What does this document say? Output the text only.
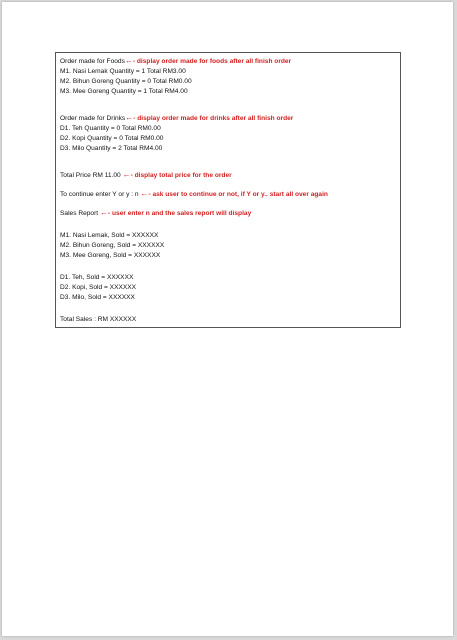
Order made for Foods←- display order made for foods after all finish order
M1. Nasi Lemak Quantity = 1 Total RM3.00
M2. Bihun Goreng Quantity = 0 Total RM0.00
M3. Mee Goreng Quantity = 1 Total RM4.00
Order made for Drinks←- display order made for drinks after all finish order
D1. Teh Quantity = 0 Total RM0.00
D2. Kopi Quantity = 0 Total RM0.00
D3. Milo Quantity = 2 Total RM4.00
Total Price RM 11.00 ←- display total price for the order
To continue enter Y or y : n ←- ask user to continue or not, if Y or y.. start all over again
Sales Report ←- user enter n and the sales report will display
M1. Nasi Lemak, Sold = XXXXXX
M2. Bihun Goreng, Sold = XXXXXX
M3. Mee Goreng, Sold = XXXXXX
D1. Teh, Sold = XXXXXX
D2. Kopi, Sold = XXXXXX
D3. Milo, Sold = XXXXXX
Total Sales : RM XXXXXX
